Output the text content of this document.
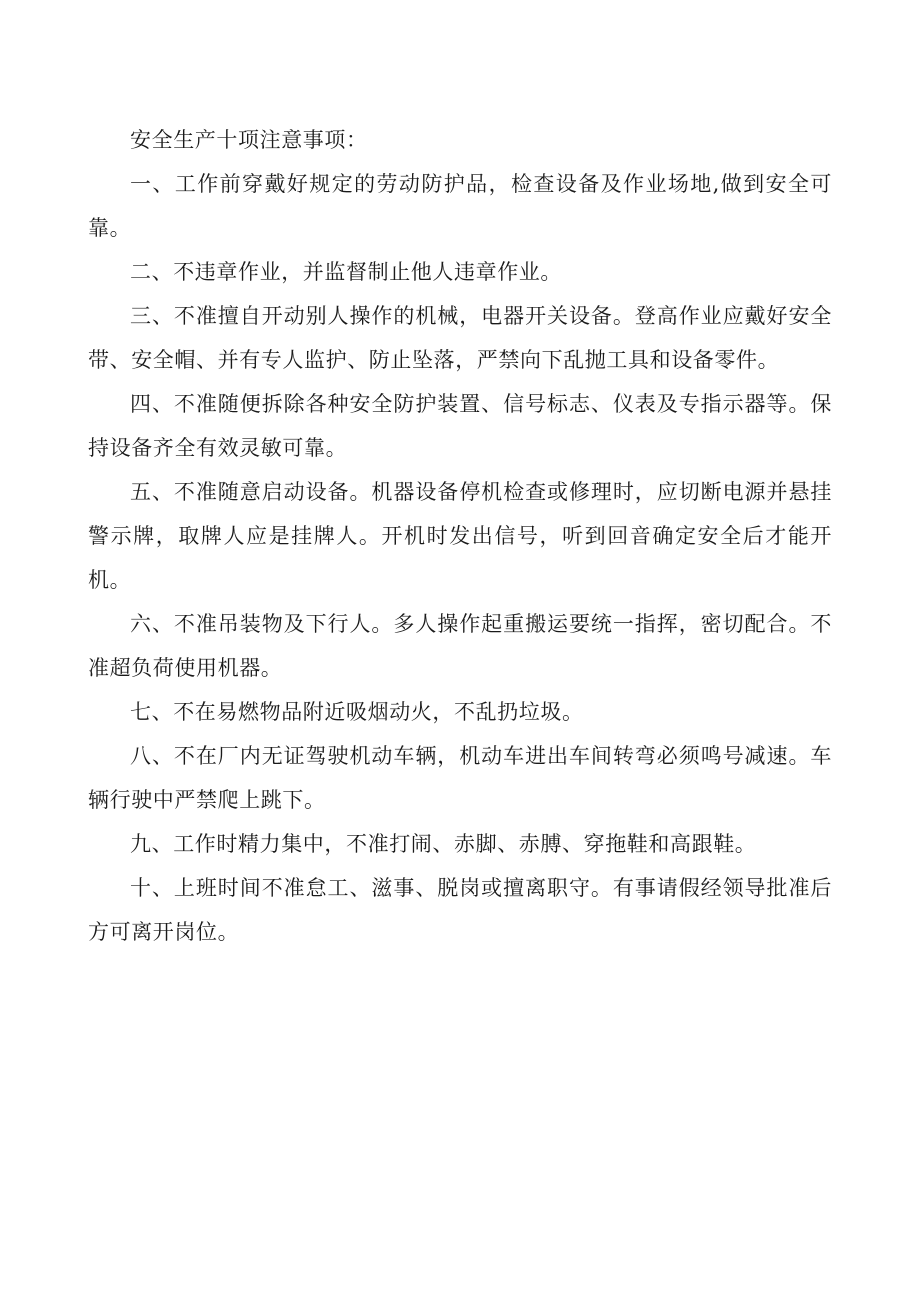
安全生产十项注意事项：

一、工作前穿戴好规定的劳动防护品，检查设备及作业场地,做到安全可靠。

二、不违章作业，并监督制止他人违章作业。

三、不准擅自开动别人操作的机械，电器开关设备。登高作业应戴好安全带、安全帽、并有专人监护、防止坠落，严禁向下乱抛工具和设备零件。

四、不准随便拆除各种安全防护装置、信号标志、仪表及专指示器等。保持设备齐全有效灵敏可靠。

五、不准随意启动设备。机器设备停机检查或修理时，应切断电源并悬挂警示牌，取牌人应是挂牌人。开机时发出信号，听到回音确定安全后才能开机。

六、不准吊装物及下行人。多人操作起重搬运要统一指挥，密切配合。不准超负荷使用机器。

七、不在易燃物品附近吸烟动火，不乱扔垃圾。

八、不在厂内无证驾驶机动车辆，机动车进出车间转弯必须鸣号减速。车辆行驶中严禁爬上跳下。

九、工作时精力集中，不准打闹、赤脚、赤膊、穿拖鞋和高跟鞋。

十、上班时间不准怠工、滋事、脱岗或擅离职守。有事请假经领导批准后方可离开岗位。
